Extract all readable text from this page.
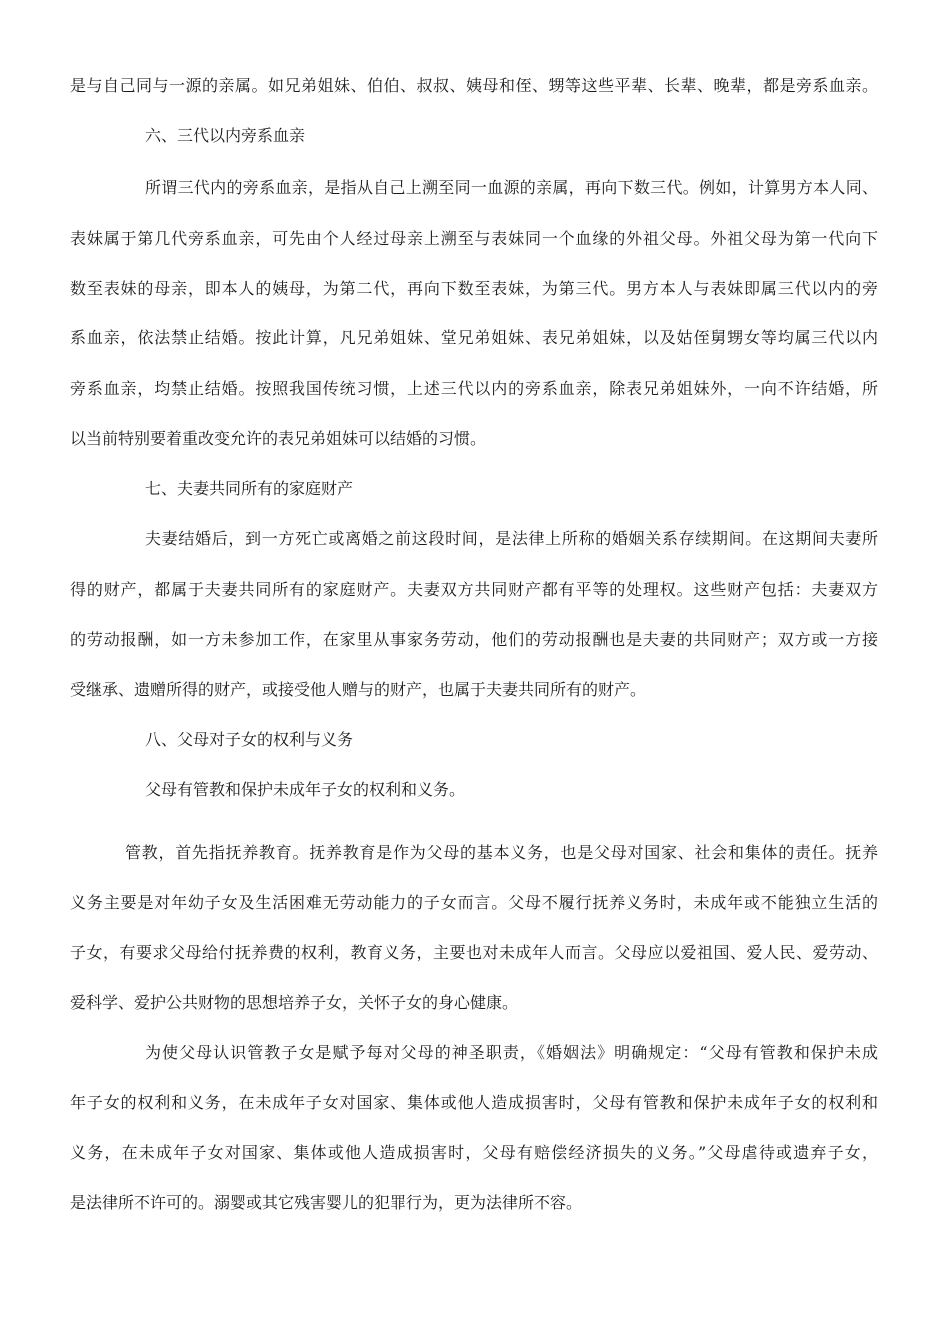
是与自己同与一源的亲属。如兄弟姐妹、伯伯、叔叔、姨母和侄、甥等这些平辈、长辈、晚辈，都是旁系血亲。

六、三代以内旁系血亲

所谓三代内的旁系血亲，是指从自己上溯至同一血源的亲属，再向下数三代。例如，计算男方本人同、

表妹属于第几代旁系血亲，可先由个人经过母亲上溯至与表妹同一个血缘的外祖父母。外祖父母为第一代向下

数至表妹的母亲，即本人的姨母，为第二代，再向下数至表妹，为第三代。男方本人与表妹即属三代以内的旁

系血亲，依法禁止结婚。按此计算，凡兄弟姐妹、堂兄弟姐妹、表兄弟姐妹，以及姑侄舅甥女等均属三代以内

旁系血亲，均禁止结婚。按照我国传统习惯，上述三代以内的旁系血亲，除表兄弟姐妹外，一向不许结婚，所

以当前特别要着重改变允许的表兄弟姐妹可以结婚的习惯。

七、夫妻共同所有的家庭财产

夫妻结婚后，到一方死亡或离婚之前这段时间，是法律上所称的婚姻关系存续期间。在这期间夫妻所

得的财产，都属于夫妻共同所有的家庭财产。夫妻双方共同财产都有平等的处理权。这些财产包括：夫妻双方

的劳动报酬，如一方未参加工作，在家里从事家务劳动，他们的劳动报酬也是夫妻的共同财产；双方或一方接

受继承、遗赠所得的财产，或接受他人赠与的财产，也属于夫妻共同所有的财产。

八、父母对子女的权利与义务

父母有管教和保护未成年子女的权利和义务。

管教，首先指抚养教育。抚养教育是作为父母的基本义务，也是父母对国家、社会和集体的责任。抚养

义务主要是对年幼子女及生活困难无劳动能力的子女而言。父母不履行抚养义务时，未成年或不能独立生活的

子女，有要求父母给付抚养费的权利，教育义务，主要也对未成年人而言。父母应以爱祖国、爱人民、爱劳动、

爱科学、爱护公共财物的思想培养子女，关怀子女的身心健康。

为使父母认识管教子女是赋予每对父母的神圣职责，《婚姻法》明确规定：“父母有管教和保护未成

年子女的权利和义务，在未成年子女对国家、集体或他人造成损害时，父母有管教和保护未成年子女的权利和

义务，在未成年子女对国家、集体或他人造成损害时，父母有赔偿经济损失的义务。”父母虐待或遗弃子女，

是法律所不许可的。溺婴或其它残害婴儿的犯罪行为，更为法律所不容。
